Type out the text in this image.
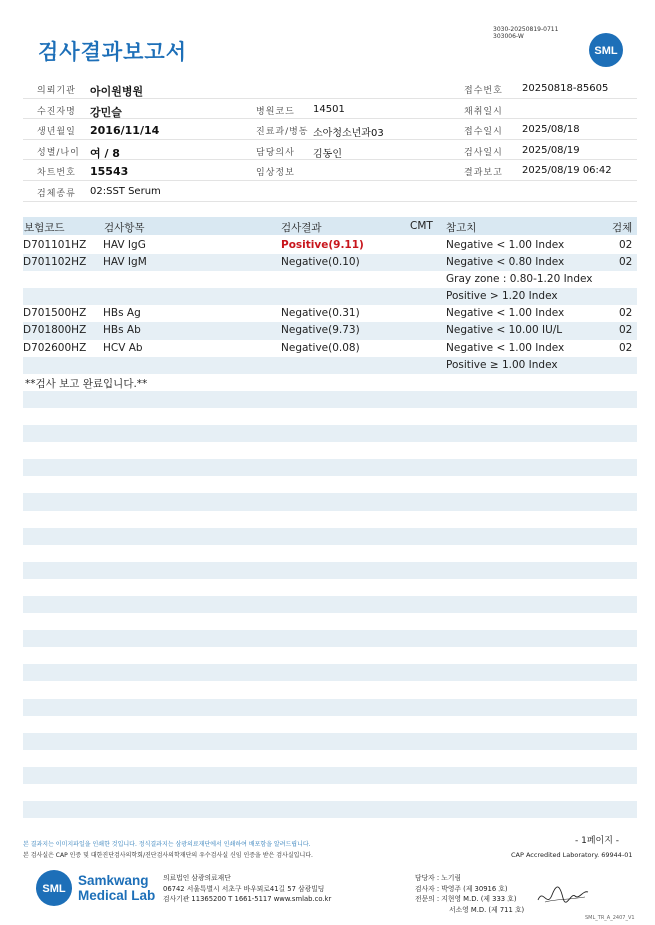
검사결과보고서
3030-20250819-0711
303006-W
SML
의뢰기관 아이원병원	접수번호 20250818-85605
수진자명 강민슬	병원코드 14501	채취일시
생년월일 2016/11/14	진료과/병동 소아청소년과03	접수일시 2025/08/18
성별/나이 여 / 8	담당의사 김동인	검사일시 2025/08/19
차트번호 15543	임상정보	결과보고 2025/08/19 06:42
검체종류 02:SST Serum
보험코드	검사항목	검사결과	CMT 참고치	검체
D701101HZ HAV IgG	Positive(9.11)	Negative < 1.00 Index	02
D701102HZ HAV IgM	Negative(0.10)	Negative < 0.80 Index	02
Gray zone : 0.80-1.20 Index
Positive > 1.20 Index
D701500HZ HBs Ag	Negative(0.31)	Negative < 1.00 Index	02
D701800HZ HBs Ab	Negative(9.73)	Negative < 10.00 IU/L	02
D702600HZ HCV Ab	Negative(0.08)	Negative < 1.00 Index	02
Positive ≥ 1.00 Index
**검사 보고 완료입니다.**
본 결과지는 이미지파일을 인쇄한 것입니다. 정식결과지는 삼광의료재단에서 인쇄하여 배포함을 알려드립니다.
본 검사실은 CAP 인증 및 대한진단검사의학회/진단검사의학재단의 우수검사실 신임 인증을 받은 검사실입니다.
- 1페이지 -
CAP Accredited Laboratory. 69944-01
SML
Samkwang
Medical Lab
의료법인 삼광의료재단
06742 서울특별시 서초구 바우뫼로41길 57 삼광빌딩
검사기관 11365200 T 1661-5117 www.smlab.co.kr
담당자 : 노기림
검사자 : 박영주 (제 30916 호)
전문의 : 지현영 M.D. (제 333 호)
서소영 M.D. (제 711 호)
SML_TR_A_2407_V1
